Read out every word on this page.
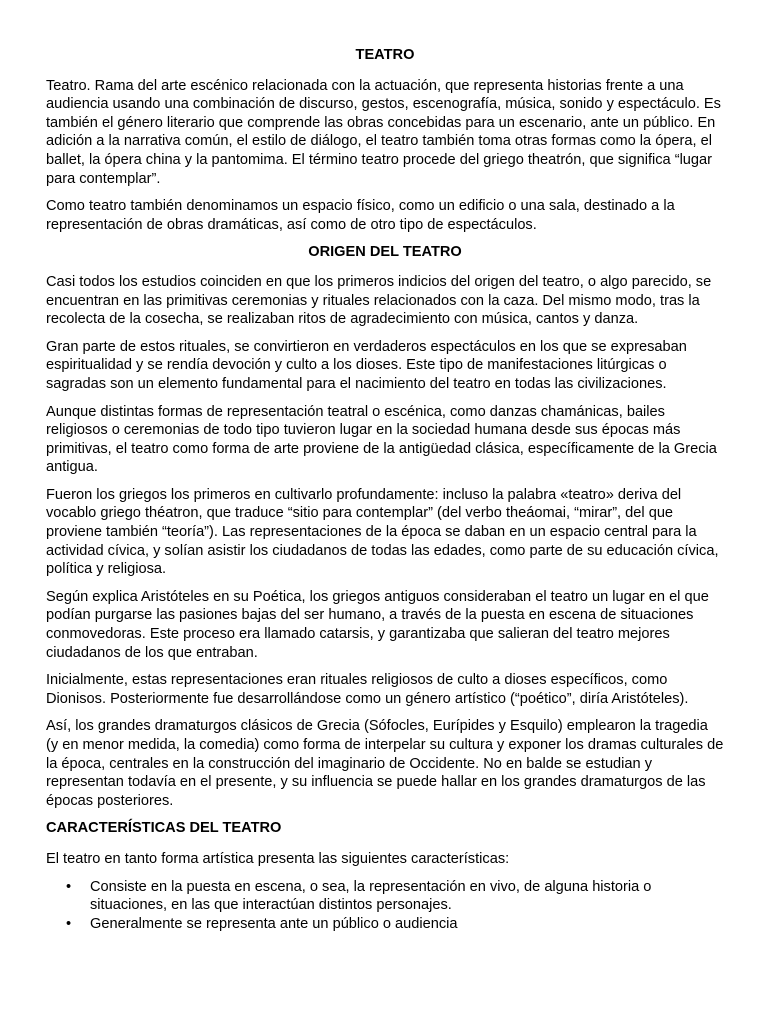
TEATRO

Teatro. Rama del arte escénico relacionada con la actuación, que representa historias frente a una audiencia usando una combinación de discurso, gestos, escenografía, música, sonido y espectáculo. Es también el género literario que comprende las obras concebidas para un escenario, ante un público. En adición a la narrativa común, el estilo de diálogo, el teatro también toma otras formas como la ópera, el ballet, la ópera china y la pantomima. El término teatro procede del griego theatrón, que significa “lugar para contemplar”.

Como teatro también denominamos un espacio físico, como un edificio o una sala, destinado a la representación de obras dramáticas, así como de otro tipo de espectáculos.

ORIGEN DEL TEATRO

Casi todos los estudios coinciden en que los primeros indicios del origen del teatro, o algo parecido, se encuentran en las primitivas ceremonias y rituales relacionados con la caza. Del mismo modo, tras la recolecta de la cosecha, se realizaban ritos de agradecimiento con música, cantos y danza.

Gran parte de estos rituales, se convirtieron en verdaderos espectáculos en los que se expresaban espiritualidad y se rendía devoción y culto a los dioses. Este tipo de manifestaciones litúrgicas o sagradas son un elemento fundamental para el nacimiento del teatro en todas las civilizaciones.

Aunque distintas formas de representación teatral o escénica, como danzas chamánicas, bailes religiosos o ceremonias de todo tipo tuvieron lugar en la sociedad humana desde sus épocas más primitivas, el teatro como forma de arte proviene de la antigüedad clásica, específicamente de la Grecia antigua.

Fueron los griegos los primeros en cultivarlo profundamente: incluso la palabra «teatro» deriva del vocablo griego théatron, que traduce “sitio para contemplar” (del verbo theáomai, “mirar”, del que proviene también “teoría”). Las representaciones de la época se daban en un espacio central para la actividad cívica, y solían asistir los ciudadanos de todas las edades, como parte de su educación cívica, política y religiosa.

Según explica Aristóteles en su Poética, los griegos antiguos consideraban el teatro un lugar en el que podían purgarse las pasiones bajas del ser humano, a través de la puesta en escena de situaciones conmovedoras. Este proceso era llamado catarsis, y garantizaba que salieran del teatro mejores ciudadanos de los que entraban.

Inicialmente, estas representaciones eran rituales religiosos de culto a dioses específicos, como Dionisos. Posteriormente fue desarrollándose como un género artístico (“poético”, diría Aristóteles).

Así, los grandes dramaturgos clásicos de Grecia (Sófocles, Eurípides y Esquilo) emplearon la tragedia (y en menor medida, la comedia) como forma de interpelar su cultura y exponer los dramas culturales de la época, centrales en la construcción del imaginario de Occidente. No en balde se estudian y representan todavía en el presente, y su influencia se puede hallar en los grandes dramaturgos de las épocas posteriores.

CARACTERÍSTICAS DEL TEATRO

El teatro en tanto forma artística presenta las siguientes características:

• Consiste en la puesta en escena, o sea, la representación en vivo, de alguna historia o situaciones, en las que interactúan distintos personajes.
• Generalmente se representa ante un público o audiencia
